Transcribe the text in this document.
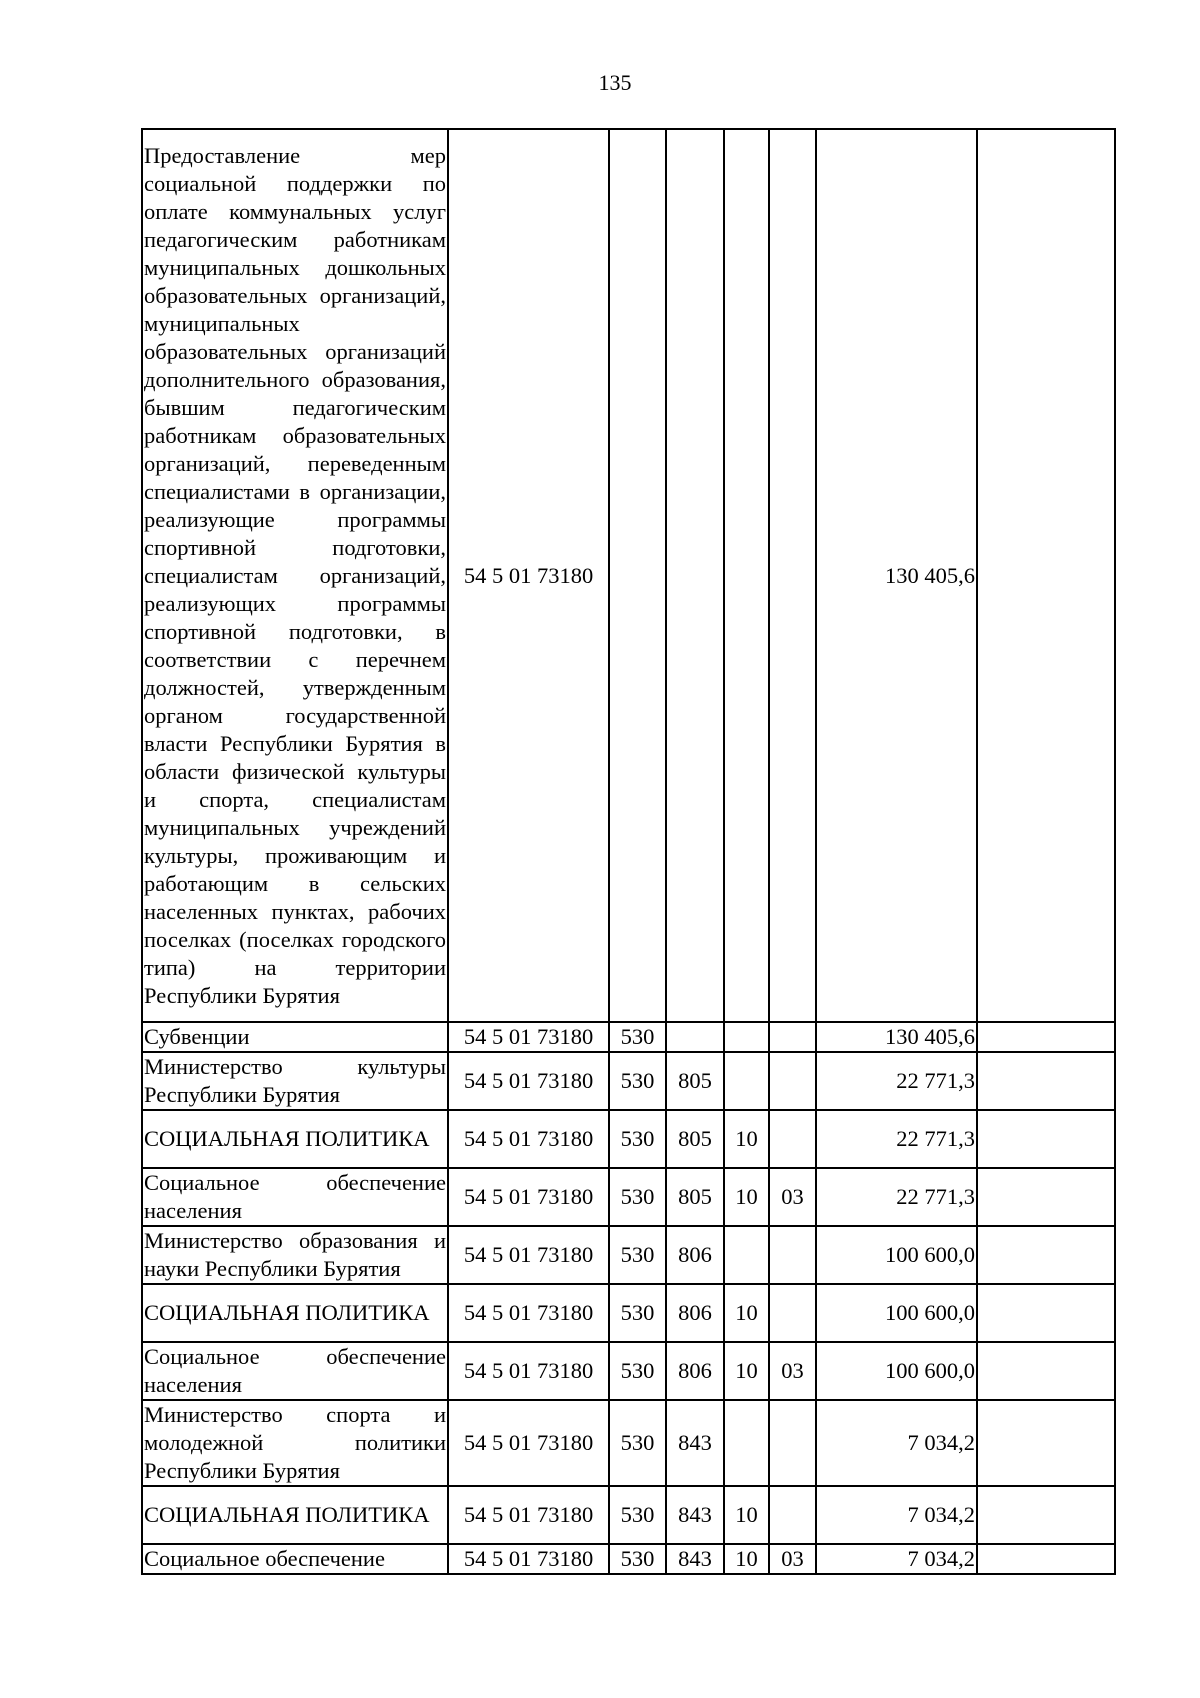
135
Предоставление мер социальной поддержки по оплате коммунальных услуг педагогическим работникам муниципальных дошкольных образовательных организаций, муниципальных образовательных организаций дополнительного образования, бывшим педагогическим работникам образовательных организаций, переведенным специалистами в организации, реализующие программы спортивной подготовки, специалистам организаций, реализующих программы спортивной подготовки, в соответствии с перечнем должностей, утвержденным органом государственной власти Республики Бурятия в области физической культуры и спорта, специалистам муниципальных учреждений культуры, проживающим и работающим в сельских населенных пунктах, рабочих поселках (поселках городского типа) на территории Республики Бурятия	54 5 01 73180					130 405,6	
Субвенции	54 5 01 73180	530				130 405,6	
Министерство культуры Республики Бурятия	54 5 01 73180	530	805			22 771,3	
СОЦИАЛЬНАЯ ПОЛИТИКА	54 5 01 73180	530	805	10		22 771,3	
Социальное обеспечение населения	54 5 01 73180	530	805	10	03	22 771,3	
Министерство образования и науки Республики Бурятия	54 5 01 73180	530	806			100 600,0	
СОЦИАЛЬНАЯ ПОЛИТИКА	54 5 01 73180	530	806	10		100 600,0	
Социальное обеспечение населения	54 5 01 73180	530	806	10	03	100 600,0	
Министерство спорта и молодежной политики Республики Бурятия	54 5 01 73180	530	843			7 034,2	
СОЦИАЛЬНАЯ ПОЛИТИКА	54 5 01 73180	530	843	10		7 034,2	
Социальное обеспечение	54 5 01 73180	530	843	10	03	7 034,2	
